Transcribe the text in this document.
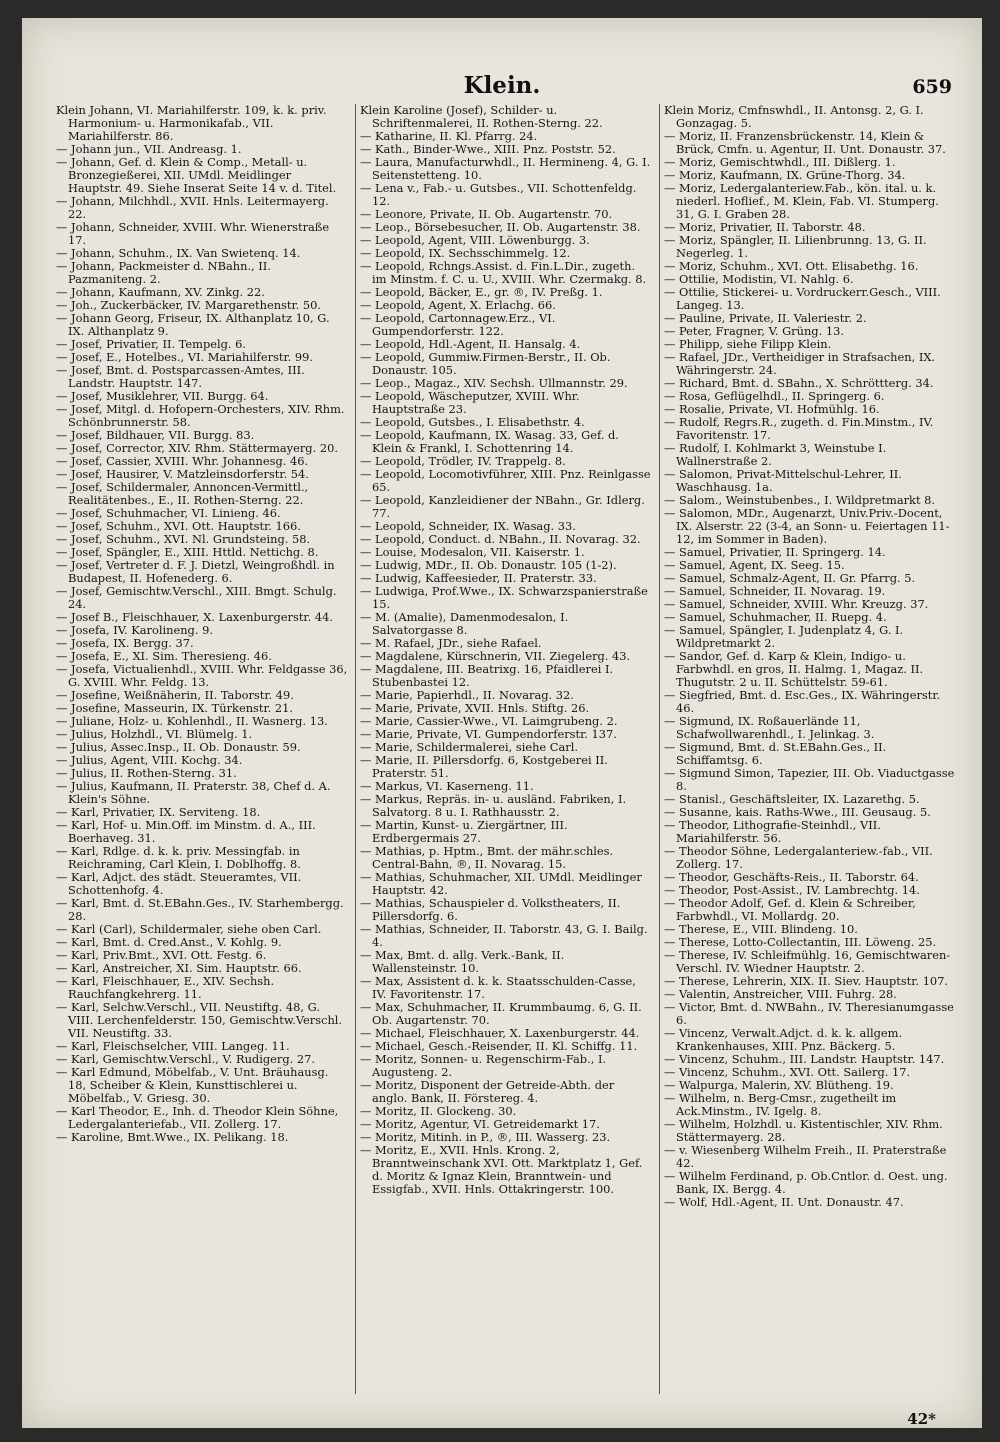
Klein.	659

Klein Johann, VI. Mariahilferstr. 109, k. k. priv. Harmonium- u. Harmonikafab., VII. Mariahilferstr. 86.

— Johann jun., VII. Andreasg. 1.

— Johann, Gef. d. Klein & Comp., Metall- u. Bronzegießerei, XII. UMdl. Meidlinger Hauptstr. 49. Siehe Inserat Seite 14 v. d. Titel.

— Johann, Milchhdl., XVII. Hnls. Leitermayerg. 22.

— Johann, Schneider, XVIII. Whr. Wienerstraße 17.

— Johann, Schuhm., IX. Van Swietenq. 14.

— Johann, Packmeister d. NBahn., II. Pazmaniteng. 2.

— Johann, Kaufmann, XV. Zinkg. 22.

— Joh., Zuckerbäcker, IV. Margarethenstr. 50.

— Johann Georg, Friseur, IX. Althanplatz 10, G. IX. Althanplatz 9.

— Josef, Privatier, II. Tempelg. 6.

— Josef, E., Hotelbes., VI. Mariahilferstr. 99.

— Josef, Bmt. d. Postsparcassen-Amtes, III. Landstr. Hauptstr. 147.

— Josef, Musiklehrer, VII. Burgg. 64.

— Josef, Mitgl. d. Hofopern-Orchesters, XIV. Rhm. Schönbrunnerstr. 58.

— Josef, Bildhauer, VII. Burgg. 83.

— Josef, Corrector, XIV. Rhm. Stättermayerg. 20.

— Josef, Cassier, XVIII. Whr. Johannesg. 46.

— Josef, Hausirer, V. Matzleinsdorferstr. 54.

— Josef, Schildermaler, Annoncen-Vermittl., Realitätenbes., E., II. Rothen-Sterng. 22.

— Josef, Schuhmacher, VI. Linieng. 46.

— Josef, Schuhm., XVI. Ott. Hauptstr. 166.

— Josef, Schuhm., XVI. Nl. Grundsteing. 58.

— Josef, Spängler, E., XIII. Httld. Nettichg. 8.

— Josef, Vertreter d. F. J. Dietzl, Weingroßhdl. in Budapest, II. Hofenederg. 6.

— Josef, Gemischtw.Verschl., XIII. Bmgt. Schulg. 24.

— Josef B., Fleischhauer, X. Laxenburgerstr. 44.

— Josefa, IV. Karolineng. 9.

— Josefa, IX. Bergg. 37.

— Josefa, E., XI. Sim. Theresieng. 46.

— Josefa, Victualienhdl., XVIII. Whr. Feldgasse 36, G. XVIII. Whr. Feldg. 13.

— Josefine, Weißnäherin, II. Taborstr. 49.

— Josefine, Masseurin, IX. Türkenstr. 21.

— Juliane, Holz- u. Kohlenhdl., II. Wasnerg. 13.

— Julius, Holzhdl., VI. Blümelg. 1.

— Julius, Assec.Insp., II. Ob. Donaustr. 59.

— Julius, Agent, VIII. Kochg. 34.

— Julius, II. Rothen-Sterng. 31.

— Julius, Kaufmann, II. Praterstr. 38, Chef d. A. Klein's Söhne.

— Karl, Privatier, IX. Serviteng. 18.

— Karl, Hof- u. Min.Off. im Minstm. d. A., III. Boerhaveg. 31.

— Karl, Rdlge. d. k. k. priv. Messingfab. in Reichraming, Carl Klein, I. Doblhoffg. 8.

— Karl, Adjct. des städt. Steueramtes, VII. Schottenhofg. 4.

— Karl, Bmt. d. St.EBahn.Ges., IV. Starhembergg. 28.

— Karl (Carl), Schildermaler, siehe oben Carl.

— Karl, Bmt. d. Cred.Anst., V. Kohlg. 9.

— Karl, Priv.Bmt., XVI. Ott. Festg. 6.

— Karl, Anstreicher, XI. Sim. Hauptstr. 66.

— Karl, Fleischhauer, E., XIV. Sechsh. Rauchfangkehrerg. 11.

— Karl, Selchw.Verschl., VII. Neustiftg. 48, G. VIII. Lerchenfelderstr. 150, Gemischtw.Verschl. VII. Neustiftg. 33.

— Karl, Fleischselcher, VIII. Langeg. 11.

— Karl, Gemischtw.Verschl., V. Rudigerg. 27.

— Karl Edmund, Möbelfab., V. Unt. Bräuhausg. 18, Scheiber & Klein, Kunsttischlerei u. Möbelfab., V. Griesg. 30.

— Karl Theodor, E., Inh. d. Theodor Klein Söhne, Ledergalanteriefab., VII. Zollerg. 17.

— Karoline, Bmt.Wwe., IX. Pelikang. 18.

Klein Karoline (Josef), Schilder- u. Schriftenmalerei, II. Rothen-Sterng. 22.

— Katharine, II. Kl. Pfarrg. 24.

— Kath., Binder-Wwe., XIII. Pnz. Poststr. 52.

— Laura, Manufacturwhdl., II. Hermineng. 4, G. I. Seitenstetteng. 10.

— Lena v., Fab.- u. Gutsbes., VII. Schottenfeldg. 12.

— Leonore, Private, II. Ob. Augartenstr. 70.

— Leop., Börsebesucher, II. Ob. Augartenstr. 38.

— Leopold, Agent, VIII. Löwenburgg. 3.

— Leopold, IX. Sechsschimmelg. 12.

— Leopold, Rchngs.Assist. d. Fin.L.Dir., zugeth. im Minstm. f. C. u. U., XVIII. Whr. Czermakg. 8.

— Leopold, Bäcker, E., gr. ®, IV. Preßg. 1.

— Leopold, Agent, X. Erlachg. 66.

— Leopold, Cartonnagew.Erz., VI. Gumpendorferstr. 122.

— Leopold, Hdl.-Agent, II. Hansalg. 4.

— Leopold, Gummiw.Firmen-Berstr., II. Ob. Donaustr. 105.

— Leop., Magaz., XIV. Sechsh. Ullmannstr. 29.

— Leopold, Wäscheputzer, XVIII. Whr. Hauptstraße 23.

— Leopold, Gutsbes., I. Elisabethstr. 4.

— Leopold, Kaufmann, IX. Wasag. 33, Gef. d. Klein & Frankl, I. Schottenring 14.

— Leopold, Trödler, IV. Trappelg. 8.

— Leopold, Locomotivführer, XIII. Pnz. Reinlgasse 65.

— Leopold, Kanzleidiener der NBahn., Gr. Idlerg. 77.

— Leopold, Schneider, IX. Wasag. 33.

— Leopold, Conduct. d. NBahn., II. Novarag. 32.

— Louise, Modesalon, VII. Kaiserstr. 1.

— Ludwig, MDr., II. Ob. Donaustr. 105 (1-2).

— Ludwig, Kaffeesieder, II. Praterstr. 33.

— Ludwiga, Prof.Wwe., IX. Schwarzspanierstraße 15.

— M. (Amalie), Damenmodesalon, I. Salvatorgasse 8.

— M. Rafael, JDr., siehe Rafael.

— Magdalene, Kürschnerin, VII. Ziegelerg. 43.

— Magdalene, III. Beatrixg. 16, Pfaidlerei I. Stubenbastei 12.

— Marie, Papierhdl., II. Novarag. 32.

— Marie, Private, XVII. Hnls. Stiftg. 26.

— Marie, Cassier-Wwe., VI. Laimgrubeng. 2.

— Marie, Private, VI. Gumpendorferstr. 137.

— Marie, Schildermalerei, siehe Carl.

— Marie, II. Pillersdorfg. 6, Kostgeberei II. Praterstr. 51.

— Markus, VI. Kaserneng. 11.

— Markus, Repräs. in- u. ausländ. Fabriken, I. Salvatorg. 8 u. I. Rathhausstr. 2.

— Martin, Kunst- u. Ziergärtner, III. Erdbergermais 27.

— Mathias, p. Hptm., Bmt. der mähr.schles. Central-Bahn, ®, II. Novarag. 15.

— Mathias, Schuhmacher, XII. UMdl. Meidlinger Hauptstr. 42.

— Mathias, Schauspieler d. Volkstheaters, II. Pillersdorfg. 6.

— Mathias, Schneider, II. Taborstr. 43, G. I. Bailg. 4.

— Max, Bmt. d. allg. Verk.-Bank, II. Wallensteinstr. 10.

— Max, Assistent d. k. k. Staatsschulden-Casse, IV. Favoritenstr. 17.

— Max, Schuhmacher, II. Krummbaumg. 6, G. II. Ob. Augartenstr. 70.

— Michael, Fleischhauer, X. Laxenburgerstr. 44.

— Michael, Gesch.-Reisender, II. Kl. Schiffg. 11.

— Moritz, Sonnen- u. Regenschirm-Fab., I. Augusteng. 2.

— Moritz, Disponent der Getreide-Abth. der anglo. Bank, II. Förstereg. 4.

— Moritz, II. Glockeng. 30.

— Moritz, Agentur, VI. Getreidemarkt 17.

— Moritz, Mitinh. in P., ®, III. Wasserg. 23.

— Moritz, E., XVII. Hnls. Krong. 2, Branntweinschank XVI. Ott. Marktplatz 1, Gef. d. Moritz & Ignaz Klein, Branntwein- und Essigfab., XVII. Hnls. Ottakringerstr. 100.

Klein Moriz, Cmfnswhdl., II. Antonsg. 2, G. I. Gonzagag. 5.

— Moriz, II. Franzensbrückenstr. 14, Klein & Brück, Cmfn. u. Agentur, II. Unt. Donaustr. 37.

— Moriz, Gemischtwhdl., III. Dißlerg. 1.

— Moriz, Kaufmann, IX. Grüne-Thorg. 34.

— Moriz, Ledergalanteriew.Fab., kön. ital. u. k. niederl. Hoflief., M. Klein, Fab. VI. Stumperg. 31, G. I. Graben 28.

— Moriz, Privatier, II. Taborstr. 48.

— Moriz, Spängler, II. Lilienbrunng. 13, G. II. Negerleg. 1.

— Moriz, Schuhm., XVI. Ott. Elisabethg. 16.

— Ottilie, Modistin, VI. Nahlg. 6.

— Ottilie, Stickerei- u. Vordruckerr.Gesch., VIII. Langeg. 13.

— Pauline, Private, II. Valeriestr. 2.

— Peter, Fragner, V. Grüng. 13.

— Philipp, siehe Filipp Klein.

— Rafael, JDr., Vertheidiger in Strafsachen, IX. Währingerstr. 24.

— Richard, Bmt. d. SBahn., X. Schröttterg. 34.

— Rosa, Geflügelhdl., II. Springerg. 6.

— Rosalie, Private, VI. Hofmühlg. 16.

— Rudolf, Regrs.R., zugeth. d. Fin.Minstm., IV. Favoritenstr. 17.

— Rudolf, I. Kohlmarkt 3, Weinstube I. Wallnerstraße 2.

— Salomon, Privat-Mittelschul-Lehrer, II. Waschhausg. 1a.

— Salom., Weinstubenbes., I. Wildpretmarkt 8.

— Salomon, MDr., Augenarzt, Univ.Priv.-Docent, IX. Alserstr. 22 (3-4, an Sonn- u. Feiertagen 11-12, im Sommer in Baden).

— Samuel, Privatier, II. Springerg. 14.

— Samuel, Agent, IX. Seeg. 15.

— Samuel, Schmalz-Agent, II. Gr. Pfarrg. 5.

— Samuel, Schneider, II. Novarag. 19.

— Samuel, Schneider, XVIII. Whr. Kreuzg. 37.

— Samuel, Schuhmacher, II. Ruepg. 4.

— Samuel, Spängler, I. Judenplatz 4, G. I. Wildpretmarkt 2.

— Sandor, Gef. d. Karp & Klein, Indigo- u. Farbwhdl. en gros, II. Halmg. 1, Magaz. II. Thugutstr. 2 u. II. Schüttelstr. 59-61.

— Siegfried, Bmt. d. Esc.Ges., IX. Währingerstr. 46.

— Sigmund, IX. Roßauerlände 11, Schafwollwarenhdl., I. Jelinkag. 3.

— Sigmund, Bmt. d. St.EBahn.Ges., II. Schiffamtsg. 6.

— Sigmund Simon, Tapezier, III. Ob. Viaductgasse 8.

— Stanisl., Geschäftsleiter, IX. Lazarethg. 5.

— Susanne, kais. Raths-Wwe., III. Geusaug. 5.

— Theodor, Lithografie-Steinhdl., VII. Mariahilferstr. 56.

— Theodor Söhne, Ledergalanteriew.-fab., VII. Zollerg. 17.

— Theodor, Geschäfts-Reis., II. Taborstr. 64.

— Theodor, Post-Assist., IV. Lambrechtg. 14.

— Theodor Adolf, Gef. d. Klein & Schreiber, Farbwhdl., VI. Mollardg. 20.

— Therese, E., VIII. Blindeng. 10.

— Therese, Lotto-Collectantin, III. Löweng. 25.

— Therese, IV. Schleifmühlg. 16, Gemischtwaren-Verschl. IV. Wiedner Hauptstr. 2.

— Therese, Lehrerin, XIX. II. Siev. Hauptstr. 107.

— Valentin, Anstreicher, VIII. Fuhrg. 28.

— Victor, Bmt. d. NWBahn., IV. Theresianumgasse 6.

— Vincenz, Verwalt.Adjct. d. k. k. allgem. Krankenhauses, XIII. Pnz. Bäckerg. 5.

— Vincenz, Schuhm., III. Landstr. Hauptstr. 147.

— Vincenz, Schuhm., XVI. Ott. Sailerg. 17.

— Walpurga, Malerin, XV. Blütheng. 19.

— Wilhelm, n. Berg-Cmsr., zugetheilt im Ack.Minstm., IV. Igelg. 8.

— Wilhelm, Holzhdl. u. Kistentischler, XIV. Rhm. Stättermayerg. 28.

— v. Wiesenberg Wilhelm Freih., II. Praterstraße 42.

— Wilhelm Ferdinand, p. Ob.Cntlor. d. Oest. ung. Bank, IX. Bergg. 4.

— Wolf, Hdl.-Agent, II. Unt. Donaustr. 47.

42*
